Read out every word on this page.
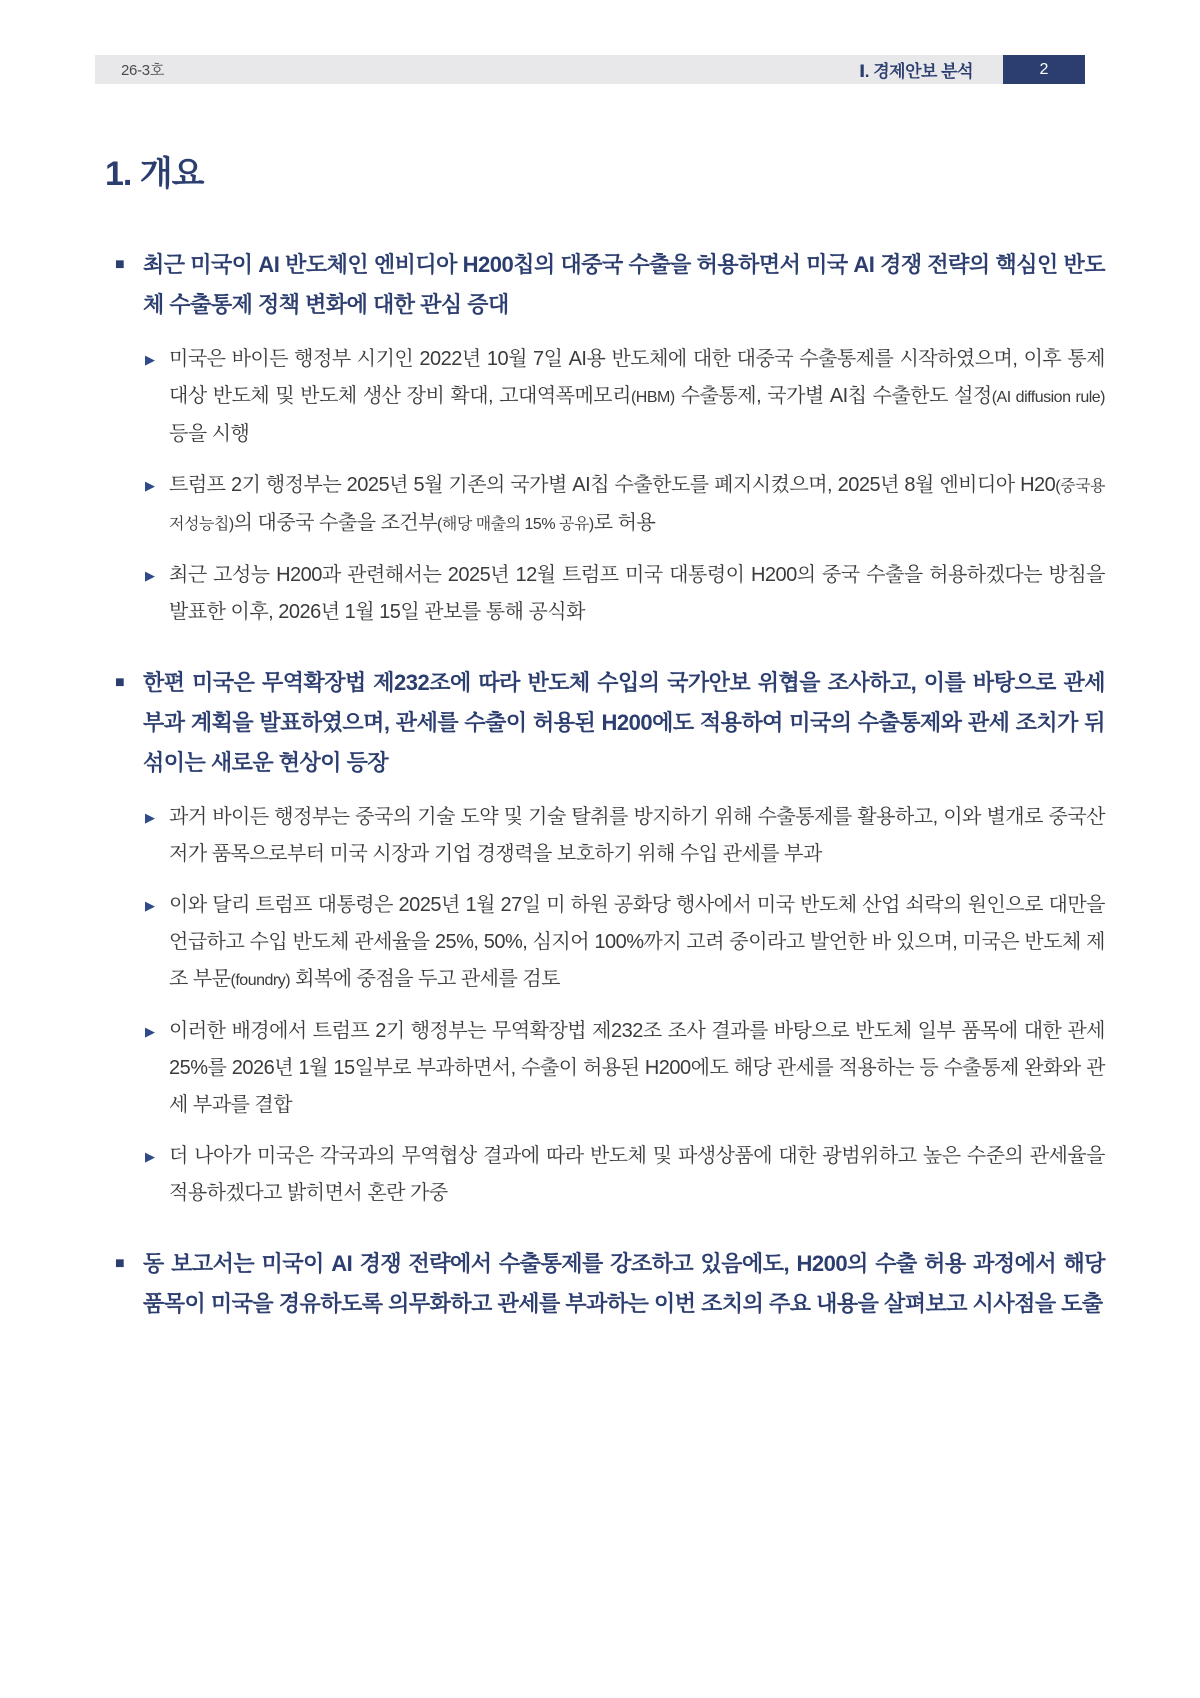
26-3호	Ⅰ. 경제안보 분석	2
1. 개요
■ 최근 미국이 AI 반도체인 엔비디아 H200칩의 대중국 수출을 허용하면서 미국 AI 경쟁 전략의 핵심인 반도체 수출통제 정책 변화에 대한 관심 증대

▶ 미국은 바이든 행정부 시기인 2022년 10월 7일 AI용 반도체에 대한 대중국 수출통제를 시작하였으며, 이후 통제 대상 반도체 및 반도체 생산 장비 확대, 고대역폭메모리(HBM) 수출통제, 국가별 AI칩 수출한도 설정(AI diffusion rule) 등을 시행

▶ 트럼프 2기 행정부는 2025년 5월 기존의 국가별 AI칩 수출한도를 폐지시켰으며, 2025년 8월 엔비디아 H20(중국용 저성능칩)의 대중국 수출을 조건부(해당 매출의 15% 공유)로 허용

▶ 최근 고성능 H200과 관련해서는 2025년 12월 트럼프 미국 대통령이 H200의 중국 수출을 허용하겠다는 방침을 발표한 이후, 2026년 1월 15일 관보를 통해 공식화

■ 한편 미국은 무역확장법 제232조에 따라 반도체 수입의 국가안보 위협을 조사하고, 이를 바탕으로 관세 부과 계획을 발표하였으며, 관세를 수출이 허용된 H200에도 적용하여 미국의 수출통제와 관세 조치가 뒤섞이는 새로운 현상이 등장

▶ 과거 바이든 행정부는 중국의 기술 도약 및 기술 탈취를 방지하기 위해 수출통제를 활용하고, 이와 별개로 중국산 저가 품목으로부터 미국 시장과 기업 경쟁력을 보호하기 위해 수입 관세를 부과

▶ 이와 달리 트럼프 대통령은 2025년 1월 27일 미 하원 공화당 행사에서 미국 반도체 산업 쇠락의 원인으로 대만을 언급하고 수입 반도체 관세율을 25%, 50%, 심지어 100%까지 고려 중이라고 발언한 바 있으며, 미국은 반도체 제조 부문(foundry) 회복에 중점을 두고 관세를 검토

▶ 이러한 배경에서 트럼프 2기 행정부는 무역확장법 제232조 조사 결과를 바탕으로 반도체 일부 품목에 대한 관세 25%를 2026년 1월 15일부로 부과하면서, 수출이 허용된 H200에도 해당 관세를 적용하는 등 수출통제 완화와 관세 부과를 결합

▶ 더 나아가 미국은 각국과의 무역협상 결과에 따라 반도체 및 파생상품에 대한 광범위하고 높은 수준의 관세율을 적용하겠다고 밝히면서 혼란 가중

■ 동 보고서는 미국이 AI 경쟁 전략에서 수출통제를 강조하고 있음에도, H200의 수출 허용 과정에서 해당 품목이 미국을 경유하도록 의무화하고 관세를 부과하는 이번 조치의 주요 내용을 살펴보고 시사점을 도출
